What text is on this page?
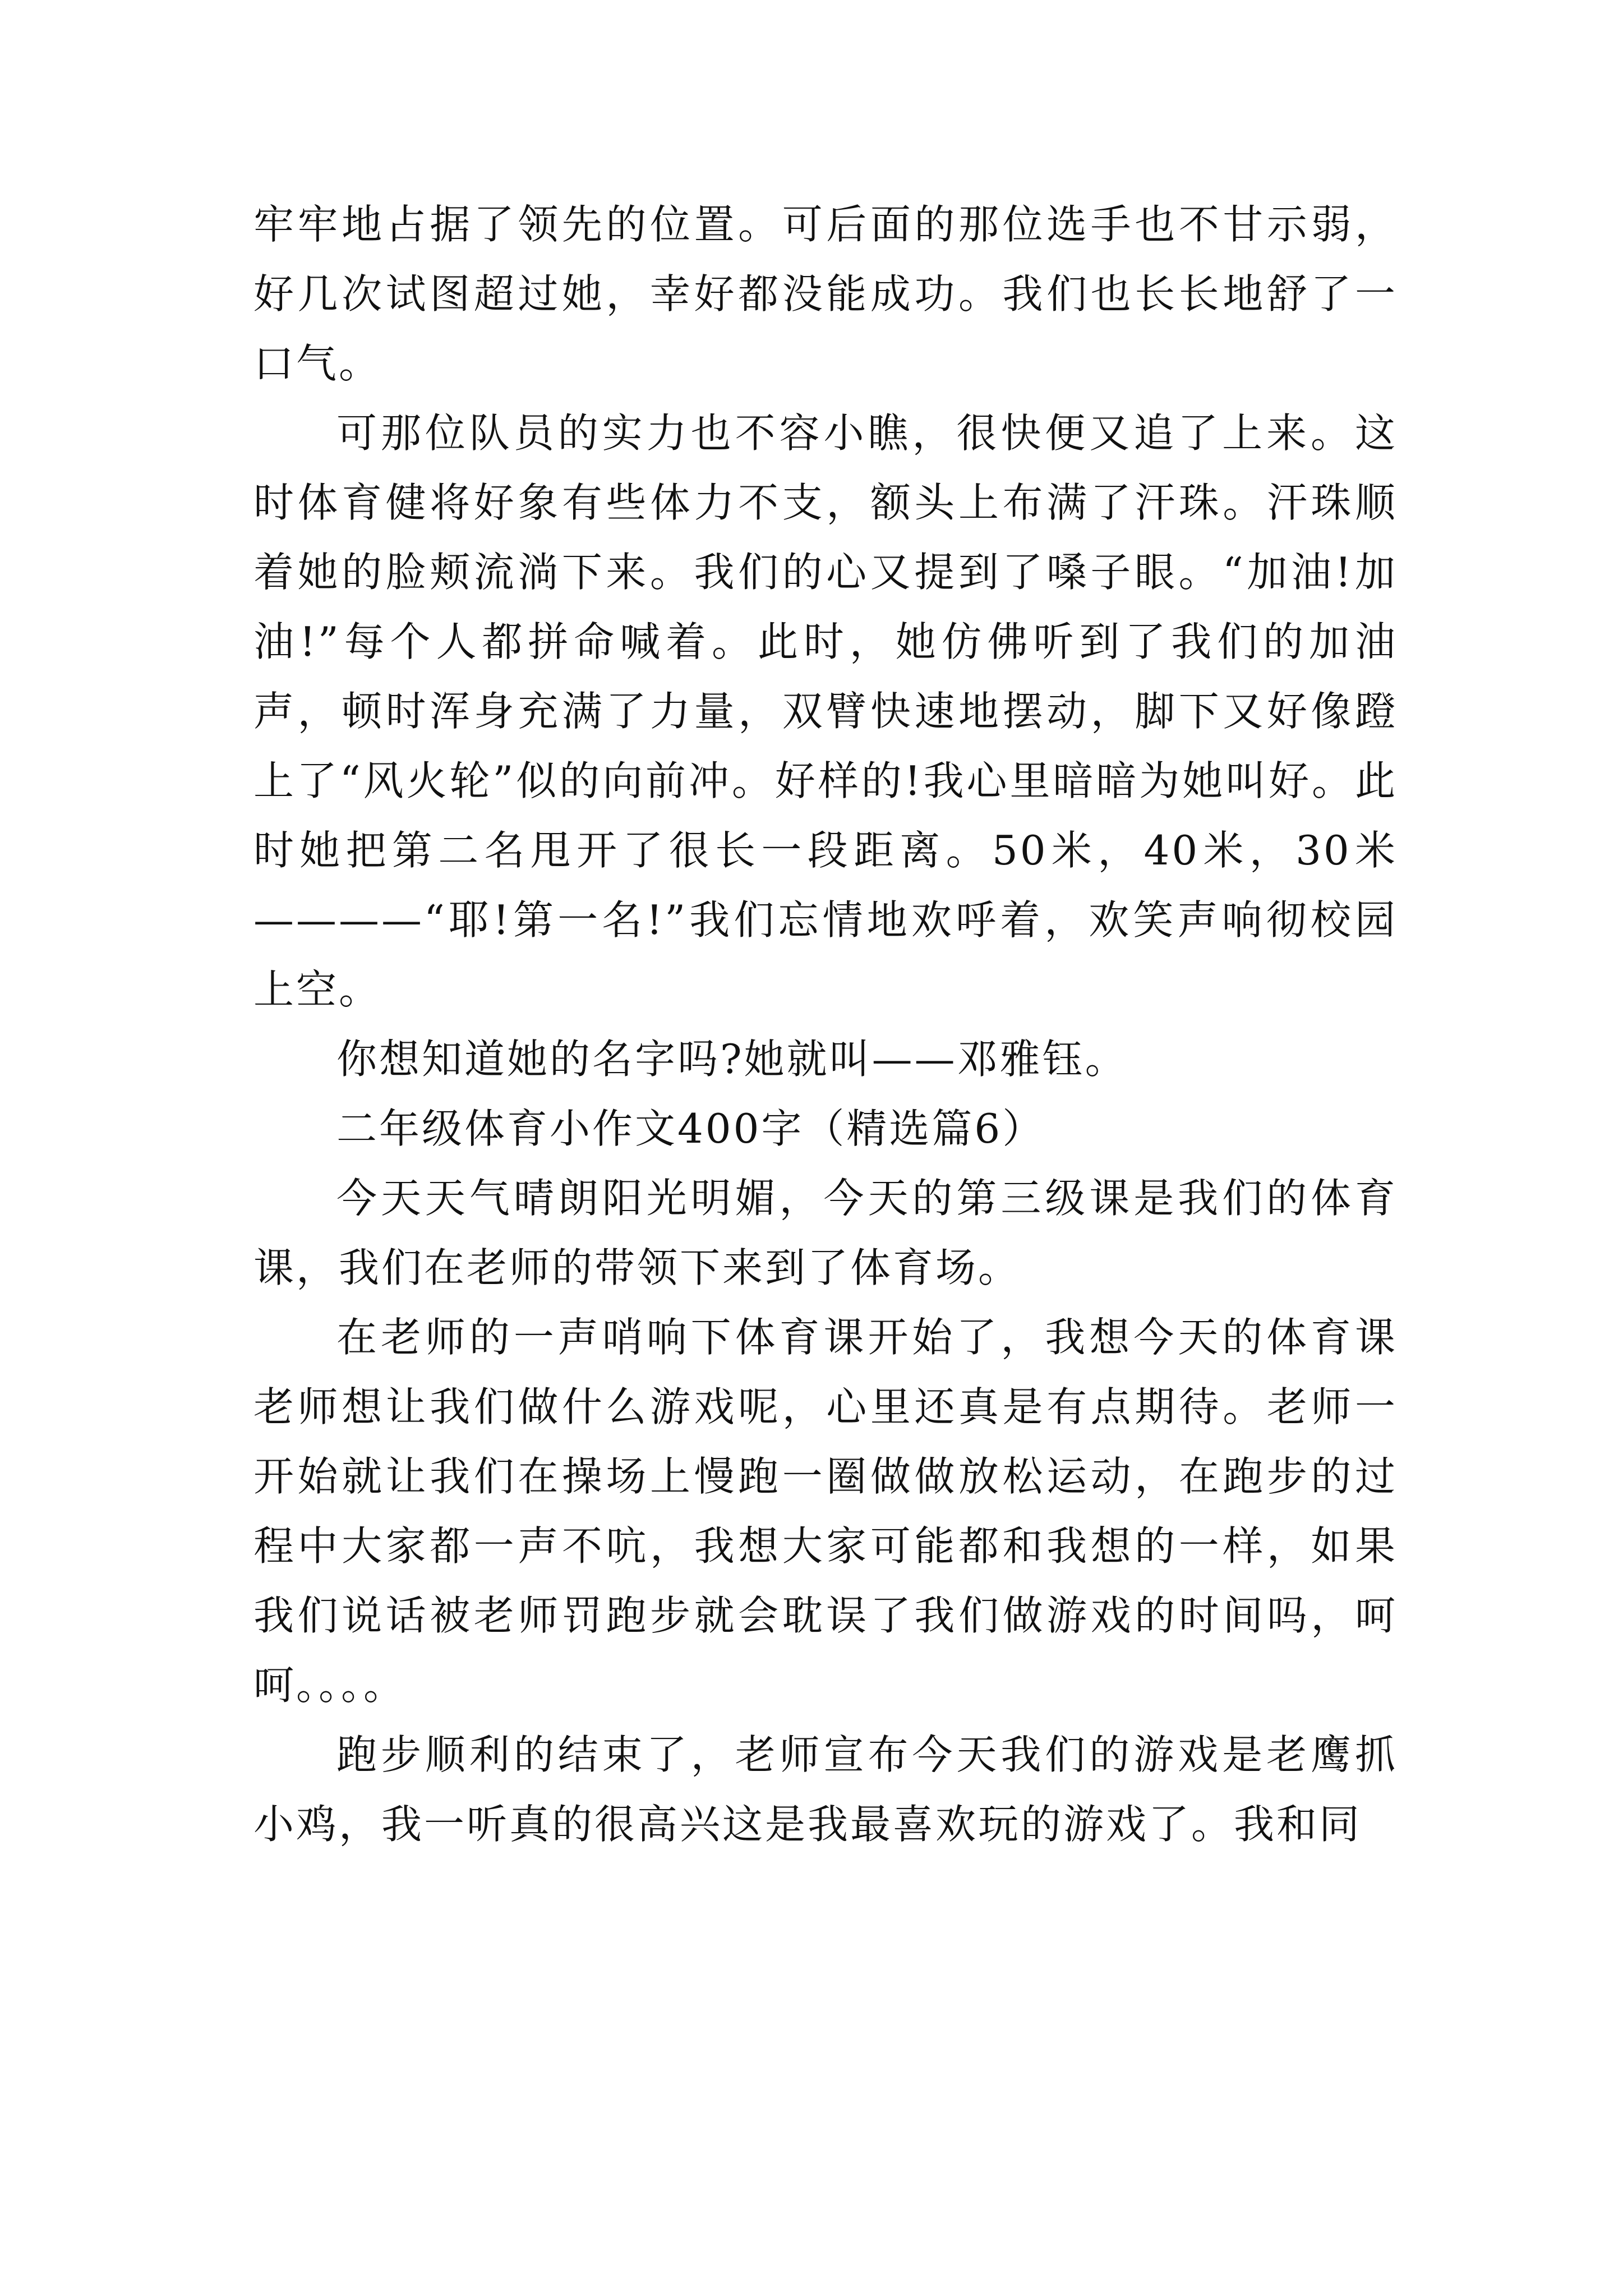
牢牢地占据了领先的位置。可后面的那位选手也不甘示弱，好几次试图超过她，幸好都没能成功。我们也长长地舒了一口气。

可那位队员的实力也不容小瞧，很快便又追了上来。这时体育健将好象有些体力不支，额头上布满了汗珠。汗珠顺着她的脸颊流淌下来。我们的心又提到了嗓子眼。“加油!加油!”每个人都拼命喊着。此时，她仿佛听到了我们的加油声，顿时浑身充满了力量，双臂快速地摆动，脚下又好像蹬上了“风火轮”似的向前冲。好样的!我心里暗暗为她叫好。此时她把第二名甩开了很长一段距离。50米，40米，30米————“耶!第一名!”我们忘情地欢呼着，欢笑声响彻校园上空。

你想知道她的名字吗?她就叫——邓雅钰。

二年级体育小作文400字（精选篇6）

今天天气晴朗阳光明媚，今天的第三级课是我们的体育课，我们在老师的带领下来到了体育场。

在老师的一声哨响下体育课开始了，我想今天的体育课老师想让我们做什么游戏呢，心里还真是有点期待。老师一开始就让我们在操场上慢跑一圈做做放松运动，在跑步的过程中大家都一声不吭，我想大家可能都和我想的一样，如果我们说话被老师罚跑步就会耽误了我们做游戏的时间吗，呵呵。。。。

跑步顺利的结束了，老师宣布今天我们的游戏是老鹰抓小鸡，我一听真的很高兴这是我最喜欢玩的游戏了。我和同
